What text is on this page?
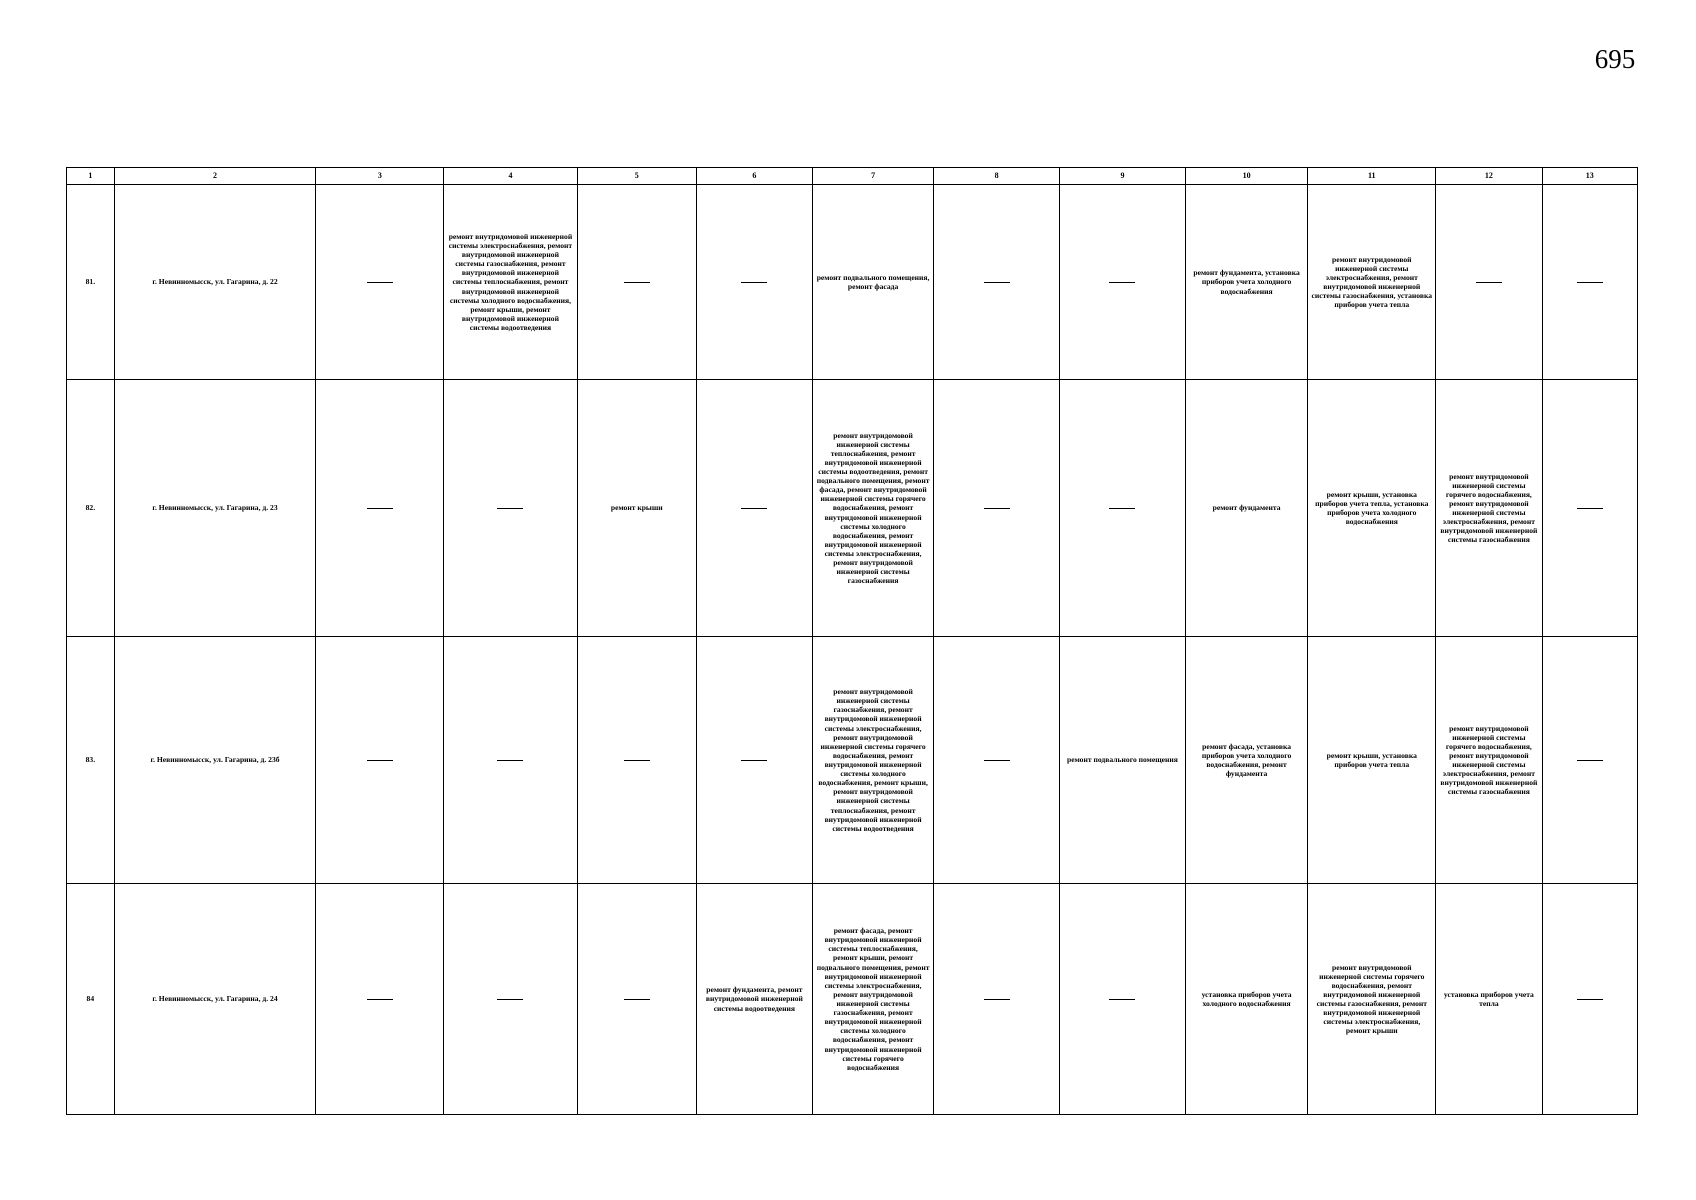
695
1	2	3	4	5	6	7	8	9	10	11	12	13
81.	г. Невинномысск, ул. Гагарина, д. 22		ремонт внутридомовой инженерной системы электроснабжения, ремонт внутридомовой инженерной системы газоснабжения, ремонт внутридомовой инженерной системы теплоснабжения, ремонт внутридомовой инженерной системы холодного водоснабжения, ремонт крыши, ремонт внутридомовой инженерной системы водоотведения			ремонт подвального помещения, ремонт фасада			ремонт фундамента, установка приборов учета холодного водоснабжения	ремонт внутридомовой инженерной системы электроснабжения, ремонт внутридомовой инженерной системы газоснабжения, установка приборов учета тепла		
82.	г. Невинномысск, ул. Гагарина, д. 23			ремонт крыши		ремонт внутридомовой инженерной системы теплоснабжения, ремонт внутридомовой инженерной системы водоотведения, ремонт подвального помещения, ремонт фасада, ремонт внутридомовой инженерной системы горячего водоснабжения, ремонт внутридомовой инженерной системы холодного водоснабжения, ремонт внутридомовой инженерной системы электроснабжения, ремонт внутридомовой инженерной системы газоснабжения			ремонт фундамента	ремонт крыши, установка приборов учета тепла, установка приборов учета холодного водоснабжения	ремонт внутридомовой инженерной системы горячего водоснабжения, ремонт внутридомовой инженерной системы электроснабжения, ремонт внутридомовой инженерной системы газоснабжения	
83.	г. Невинномысск, ул. Гагарина, д. 23б					ремонт внутридомовой инженерной системы газоснабжения, ремонт внутридомовой инженерной системы электроснабжения, ремонт внутридомовой инженерной системы горячего водоснабжения, ремонт внутридомовой инженерной системы холодного водоснабжения, ремонт крыши, ремонт внутридомовой инженерной системы теплоснабжения, ремонт внутридомовой инженерной системы водоотведения		ремонт подвального помещения	ремонт фасада, установка приборов учета холодного водоснабжения, ремонт фундамента	ремонт крыши, установка приборов учета тепла	ремонт внутридомовой инженерной системы горячего водоснабжения, ремонт внутридомовой инженерной системы электроснабжения, ремонт внутридомовой инженерной системы газоснабжения	
84	г. Невинномысск, ул. Гагарина, д. 24				ремонт фундамента, ремонт внутридомовой инженерной системы водоотведения	ремонт фасада, ремонт внутридомовой инженерной системы теплоснабжения, ремонт крыши, ремонт подвального помещения, ремонт внутридомовой инженерной системы электроснабжения, ремонт внутридомовой инженерной системы газоснабжения, ремонт внутридомовой инженерной системы холодного водоснабжения, ремонт внутридомовой инженерной системы горячего водоснабжения			установка приборов учета холодного водоснабжения	ремонт внутридомовой инженерной системы горячего водоснабжения, ремонт внутридомовой инженерной системы газоснабжения, ремонт внутридомовой инженерной системы электроснабжения, ремонт крыши	установка приборов учета тепла	
